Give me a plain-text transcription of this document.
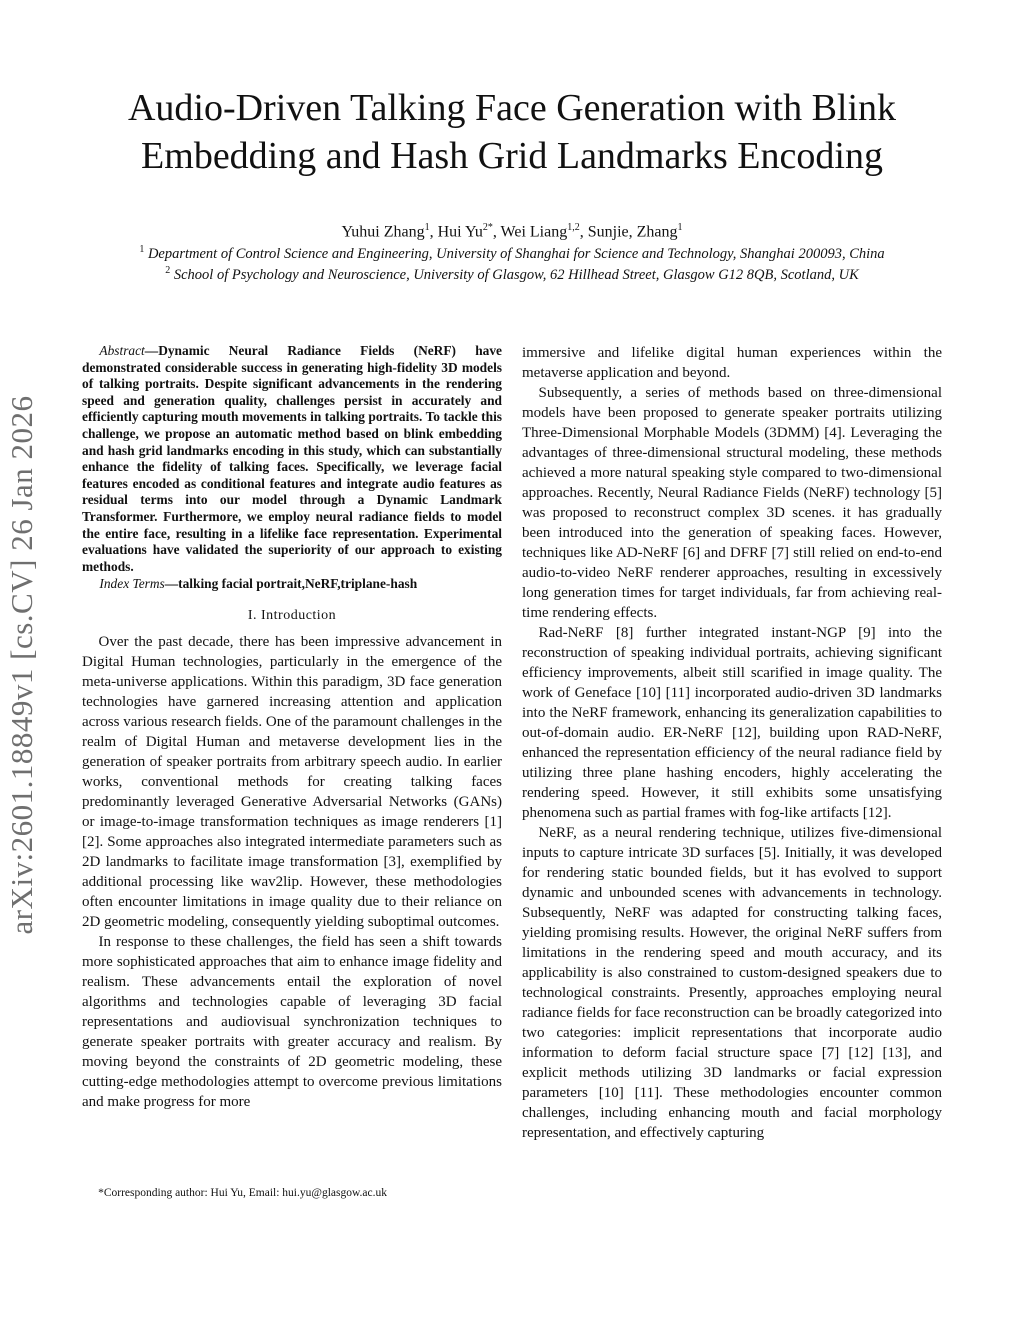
arXiv:2601.18849v1 [cs.CV] 26 Jan 2026
Audio-Driven Talking Face Generation with Blink
Embedding and Hash Grid Landmarks Encoding
Yuhui Zhang$^1$, Hui $Yu^{2*}$, Wei Liang$^{1,2}$, Sunjie, Zhang$^1$
$^1$ Department of Control Science and Engineering, University of Shanghai for Science and Technology, Shanghai 200093, China
$^2$ School of Psychology and Neuroscience, University of Glasgow, 62 Hillhead Street, Glasgow G12 8QB, Scotland, UK

Abstract—Dynamic Neural Radiance Fields (NeRF) have demonstrated considerable success in generating high-fidelity 3D models of talking portraits. Despite significant advancements in the rendering speed and generation quality, challenges persist in accurately and efficiently capturing mouth movements in talking portraits. To tackle this challenge, we propose an automatic method based on blink embedding and hash grid landmarks encoding in this study, which can substantially enhance the fidelity of talking faces. Specifically, we leverage facial features encoded as conditional features and integrate audio features as residual terms into our model through a Dynamic Landmark Transformer. Furthermore, we employ neural radiance fields to model the entire face, resulting in a lifelike face representation. Experimental evaluations have validated the superiority of our approach to existing methods.

Index Terms—talking facial portrait,NeRF,triplane-hash

I. Introduction

Over the past decade, there has been impressive advancement in Digital Human technologies, particularly in the emergence of the meta-universe applications. Within this paradigm, 3D face generation technologies have garnered increasing attention and application across various research fields. One of the paramount challenges in the realm of Digital Human and metaverse development lies in the generation of speaker portraits from arbitrary speech audio. In earlier works, conventional methods for creating talking faces predominantly leveraged Generative Adversarial Networks (GANs) or image-to-image transformation techniques as image renderers [1] [2]. Some approaches also integrated intermediate parameters such as 2D landmarks to facilitate image transformation [3], exemplified by additional processing like wav2lip. However, these methodologies often encounter limitations in image quality due to their reliance on 2D geometric modeling, consequently yielding suboptimal outcomes.

In response to these challenges, the field has seen a shift towards more sophisticated approaches that aim to enhance image fidelity and realism. These advancements entail the exploration of novel algorithms and technologies capable of leveraging 3D facial representations and audiovisual synchronization techniques to generate speaker portraits with greater accuracy and realism. By moving beyond the constraints of 2D geometric modeling, these cutting-edge methodologies attempt to overcome previous limitations and make progress for more

*Corresponding author: Hui Yu, Email: hui.yu@glasgow.ac.uk

immersive and lifelike digital human experiences within the metaverse application and beyond.

Subsequently, a series of methods based on three-dimensional models have been proposed to generate speaker portraits utilizing Three-Dimensional Morphable Models (3DMM) [4]. Leveraging the advantages of three-dimensional structural modeling, these methods achieved a more natural speaking style compared to two-dimensional approaches. Recently, Neural Radiance Fields (NeRF) technology [5] was proposed to reconstruct complex 3D scenes. it has gradually been introduced into the generation of speaking faces. However, techniques like AD-NeRF [6] and DFRF [7] still relied on end-to-end audio-to-video NeRF renderer approaches, resulting in excessively long generation times for target individuals, far from achieving real-time rendering effects.

Rad-NeRF [8] further integrated instant-NGP [9] into the reconstruction of speaking individual portraits, achieving significant efficiency improvements, albeit still scarified in image quality. The work of Geneface [10] [11] incorporated audio-driven 3D landmarks into the NeRF framework, enhancing its generalization capabilities to out-of-domain audio. ER-NeRF [12], building upon RAD-NeRF, enhanced the representation efficiency of the neural radiance field by utilizing three plane hashing encoders, highly accelerating the rendering speed. However, it still exhibits some unsatisfying phenomena such as partial frames with fog-like artifacts [12].

NeRF, as a neural rendering technique, utilizes five-dimensional inputs to capture intricate 3D surfaces [5]. Initially, it was developed for rendering static bounded fields, but it has evolved to support dynamic and unbounded scenes with advancements in technology. Subsequently, NeRF was adapted for constructing talking faces, yielding promising results. However, the original NeRF suffers from limitations in the rendering speed and mouth accuracy, and its applicability is also constrained to custom-designed speakers due to technological constraints. Presently, approaches employing neural radiance fields for face reconstruction can be broadly categorized into two categories: implicit representations that incorporate audio information to deform facial structure space [7] [12] [13], and explicit methods utilizing 3D landmarks or facial expression parameters [10] [11]. These methodologies encounter common challenges, including enhancing mouth and facial morphology representation, and effectively capturing
